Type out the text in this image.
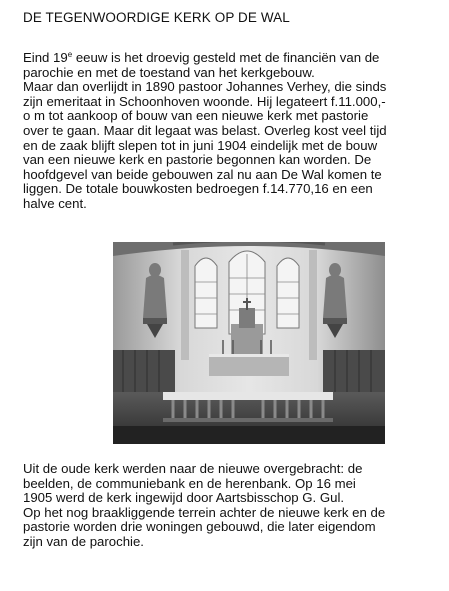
DE TEGENWOORDIGE KERK OP DE WAL
Eind 19e eeuw is het droevig gesteld met de financiën van de
parochie en met de toestand van het kerkgebouw.
Maar dan overlijdt in 1890 pastoor Johannes Verhey, die sinds
zijn emeritaat in Schoonhoven woonde. Hij legateert f.11.000,-
o m tot aankoop of bouw van een nieuwe kerk met pastorie
over te gaan. Maar dit legaat was belast. Overleg kost veel tijd
en de zaak blijft slepen tot in juni 1904 eindelijk met de bouw
van een nieuwe kerk en pastorie begonnen kan worden. De
hoofdgevel van beide gebouwen zal nu aan De Wal komen te
liggen. De totale bouwkosten bedroegen f.14.770,16 en een
halve cent.
Uit de oude kerk werden naar de nieuwe overgebracht: de
beelden, de communiebank en de herenbank. Op 16 mei
1905 werd de kerk ingewijd door Aartsbisschop G. Gul.
Op het nog braakliggende terrein achter de nieuwe kerk en de
pastorie worden drie woningen gebouwd, die later eigendom
zijn van de parochie.
